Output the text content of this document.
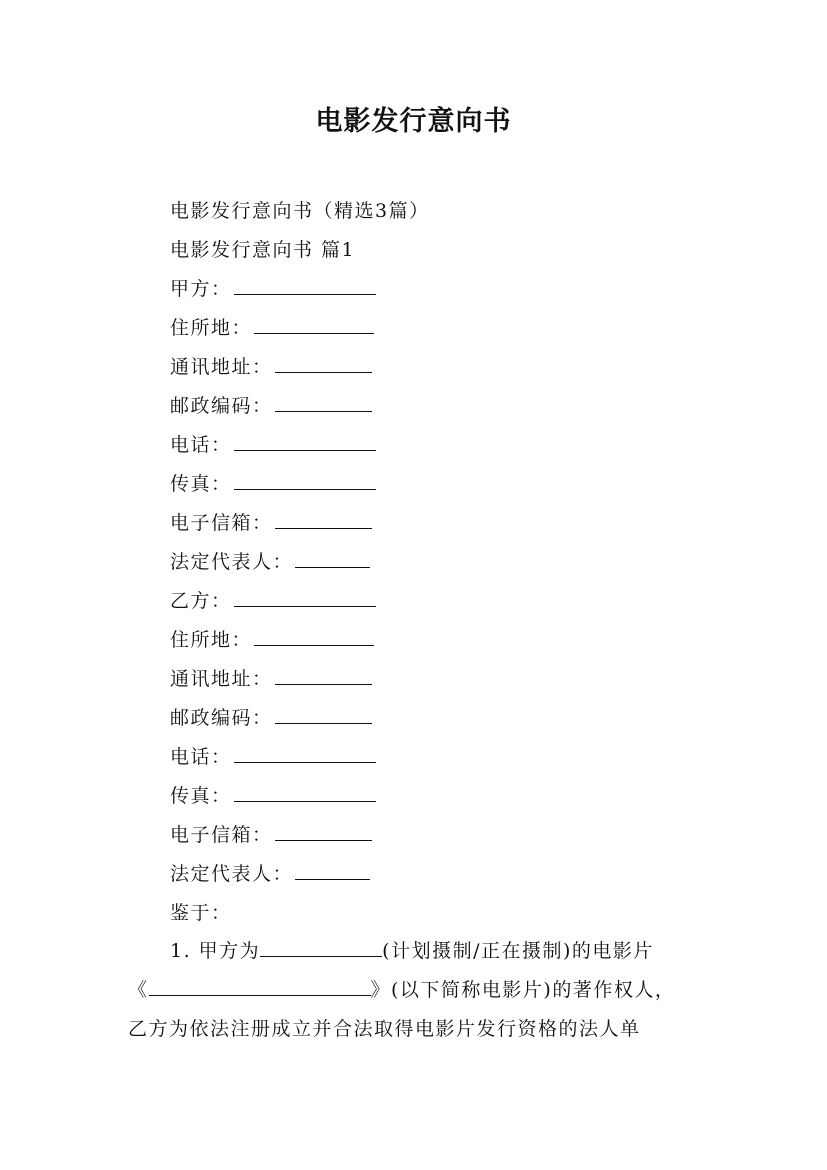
电影发行意向书
电影发行意向书（精选3篇）
电影发行意向书 篇1
甲方：
住所地：
通讯地址：
邮政编码：
电话：
传真：
电子信箱：
法定代表人：
乙方：
住所地：
通讯地址：
邮政编码：
电话：
传真：
电子信箱：
法定代表人：
鉴于：
1. 甲方为	(计划摄制/正在摄制)的电影片
《	》(以下简称电影片)的著作权人，
乙方为依法注册成立并合法取得电影片发行资格的法人单
